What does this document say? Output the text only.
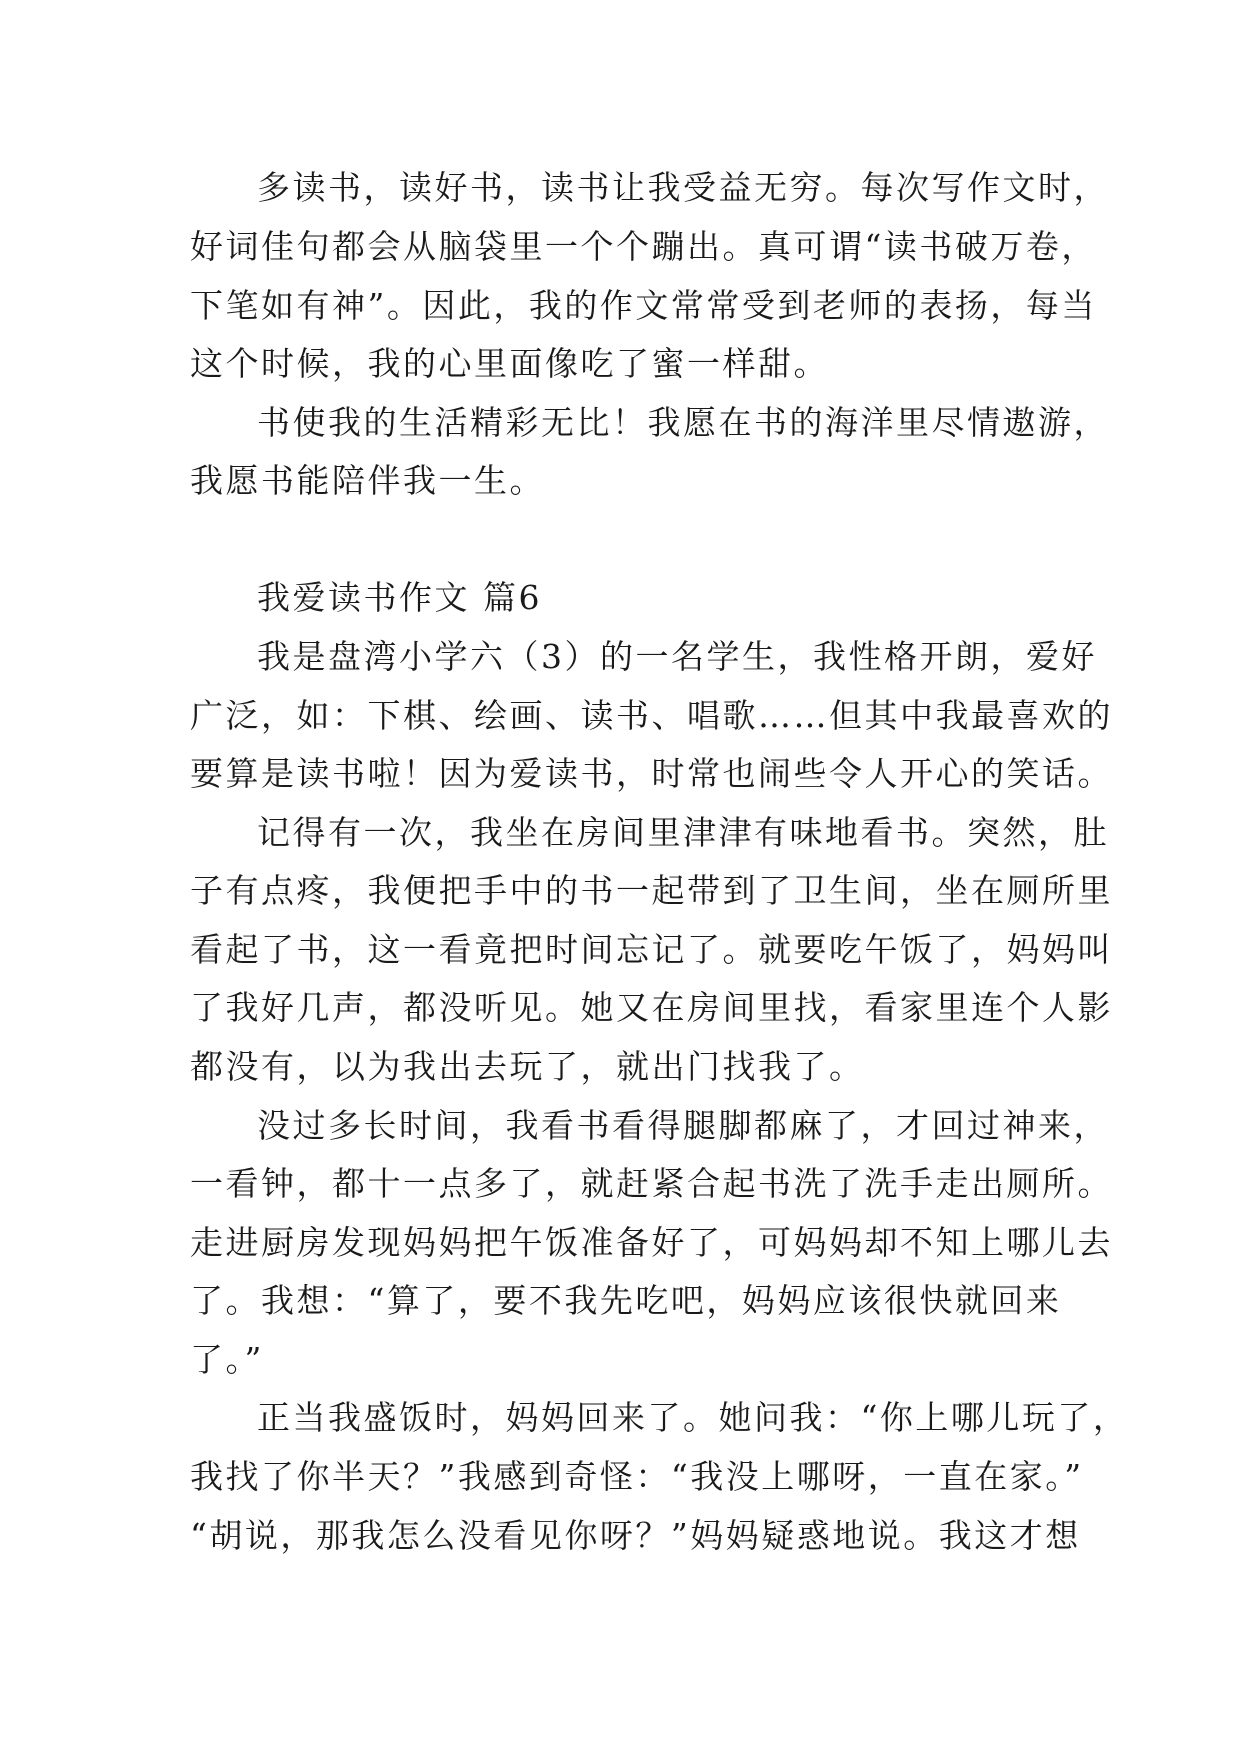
多读书，读好书，读书让我受益无穷。每次写作文时，
好词佳句都会从脑袋里一个个蹦出。真可谓“读书破万卷，
下笔如有神”。因此，我的作文常常受到老师的表扬，每当
这个时候，我的心里面像吃了蜜一样甜。
书使我的生活精彩无比！我愿在书的海洋里尽情遨游，
我愿书能陪伴我一生。
我爱读书作文 篇6
我是盘湾小学六（3）的一名学生，我性格开朗，爱好
广泛，如：下棋、绘画、读书、唱歌……但其中我最喜欢的
要算是读书啦！因为爱读书，时常也闹些令人开心的笑话。
记得有一次，我坐在房间里津津有味地看书。突然，肚
子有点疼，我便把手中的书一起带到了卫生间，坐在厕所里
看起了书，这一看竟把时间忘记了。就要吃午饭了，妈妈叫
了我好几声，都没听见。她又在房间里找，看家里连个人影
都没有，以为我出去玩了，就出门找我了。
没过多长时间，我看书看得腿脚都麻了，才回过神来，
一看钟，都十一点多了，就赶紧合起书洗了洗手走出厕所。
走进厨房发现妈妈把午饭准备好了，可妈妈却不知上哪儿去
了。我想：“算了，要不我先吃吧，妈妈应该很快就回来
了。”
正当我盛饭时，妈妈回来了。她问我：“你上哪儿玩了，
我找了你半天？”我感到奇怪：“我没上哪呀，一直在家。”
“胡说，那我怎么没看见你呀？”妈妈疑惑地说。我这才想
